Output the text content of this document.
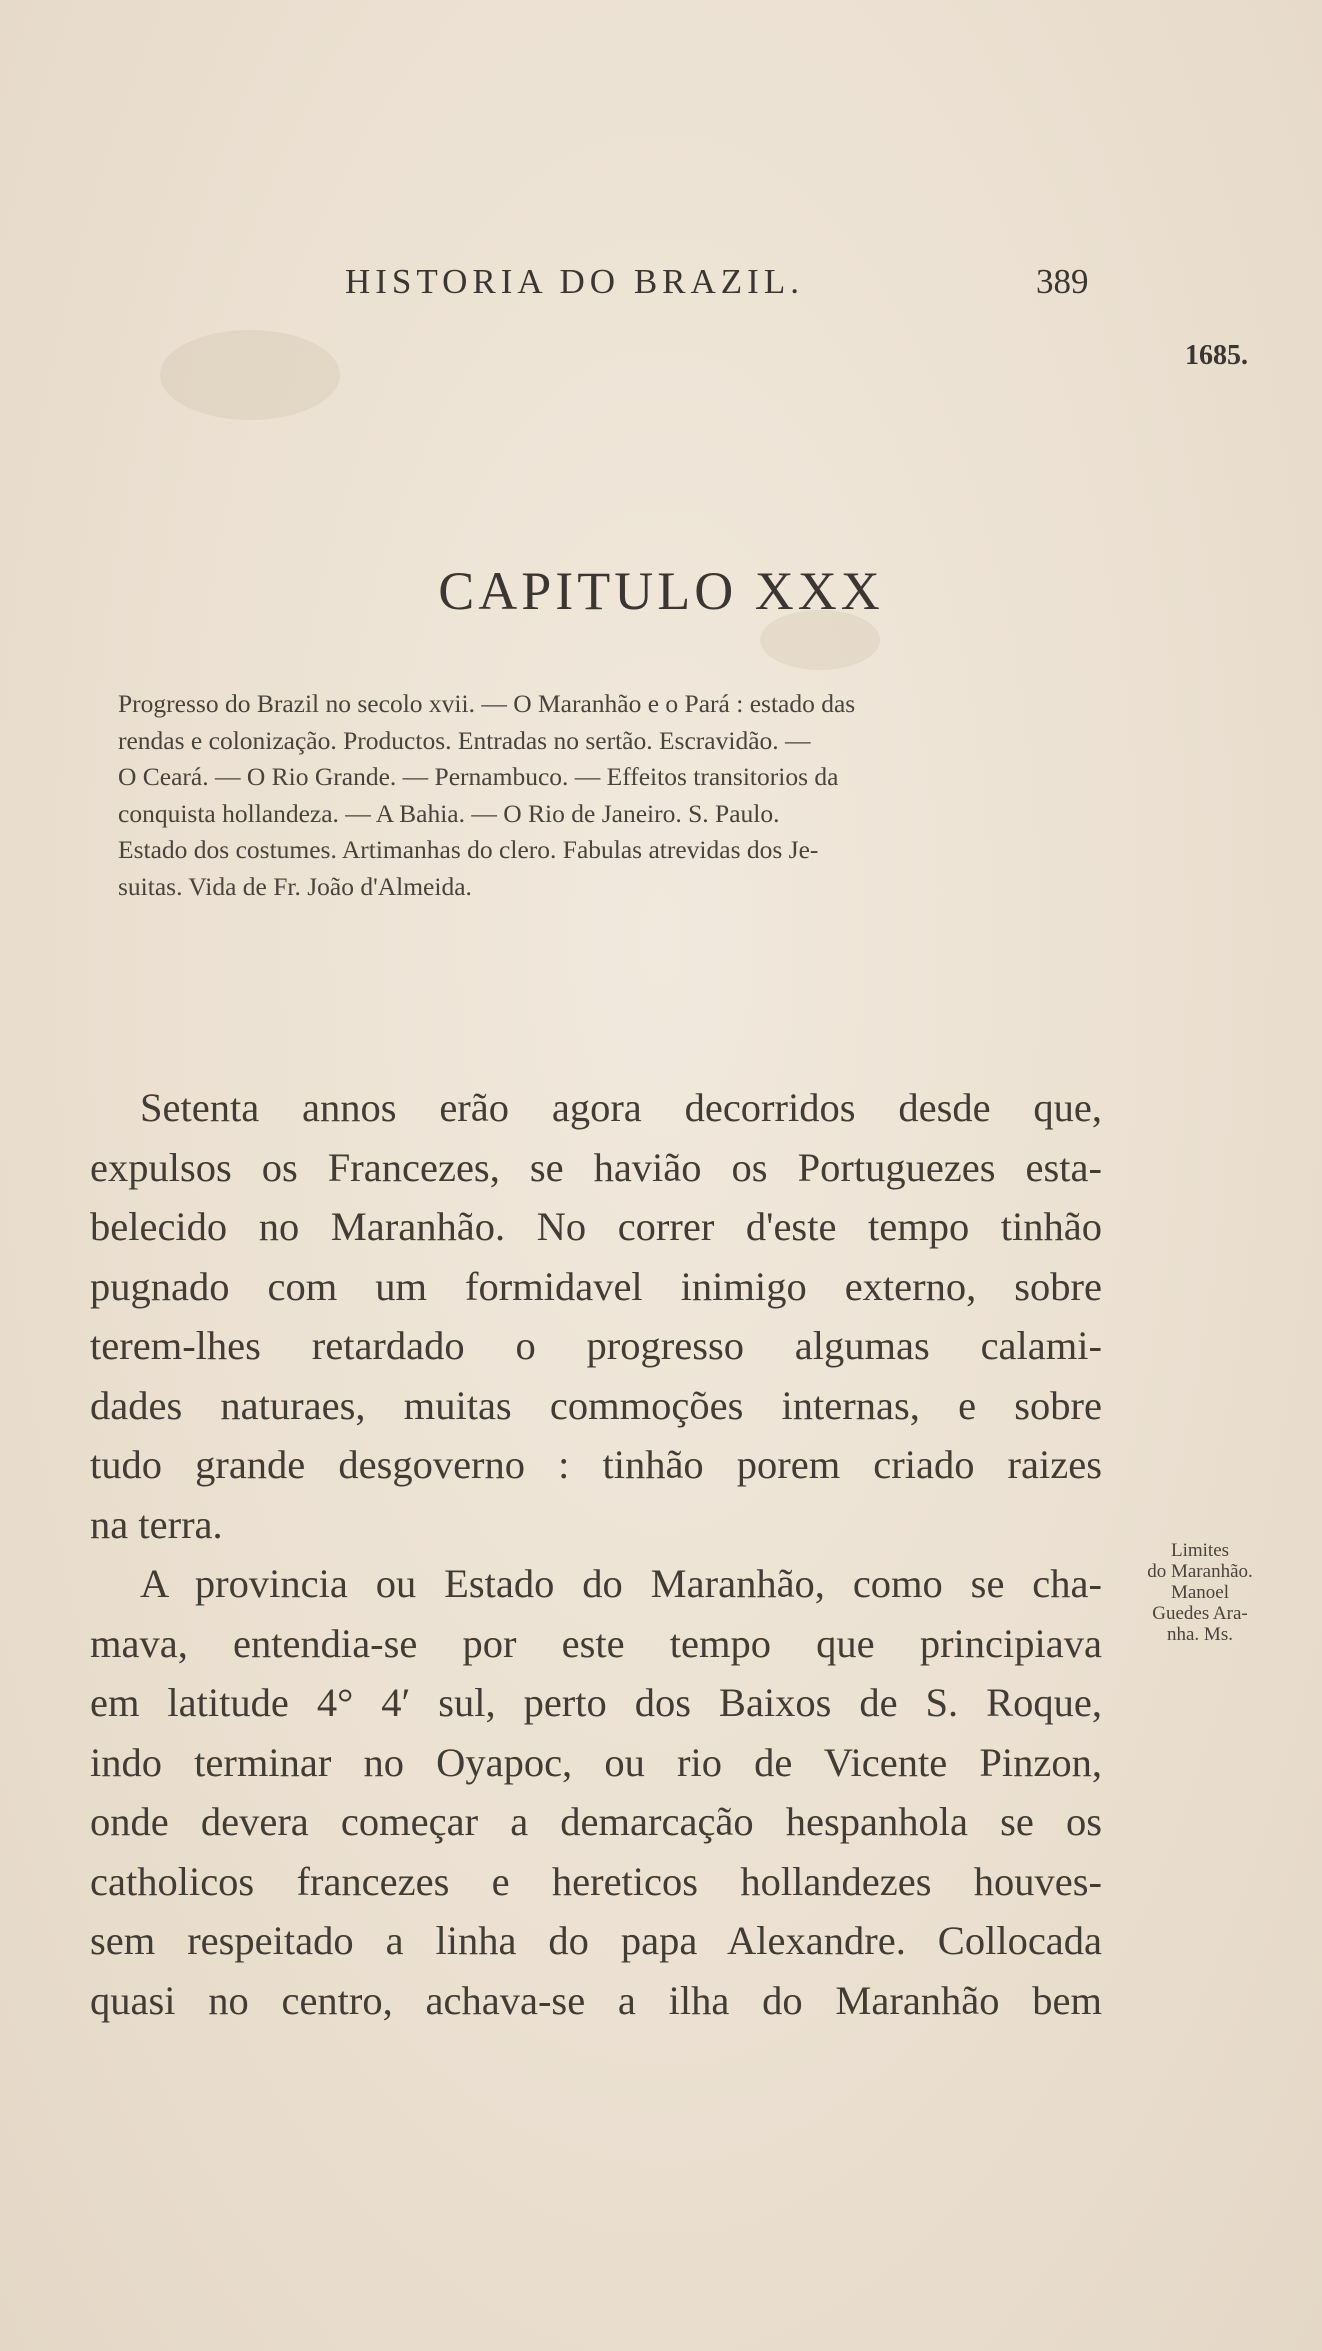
HISTORIA DO BRAZIL.	389
1685.
CAPITULO XXX
Progresso do Brazil no secolo xvii. — O Maranhão e o Pará : estado das
rendas e colonização. Productos. Entradas no sertão. Escravidão. —
O Ceará. — O Rio Grande. — Pernambuco. — Effeitos transitorios da
conquista hollandeza. — A Bahia. — O Rio de Janeiro. S. Paulo.
Estado dos costumes. Artimanhas do clero. Fabulas atrevidas dos Je-
suitas. Vida de Fr. João d'Almeida.
Setenta annos erão agora decorridos desde que,
expulsos os Francezes, se havião os Portuguezes esta-
belecido no Maranhão. No correr d'este tempo tinhão
pugnado com um formidavel inimigo externo, sobre
terem-lhes retardado o progresso algumas calami-
dades naturaes, muitas commoções internas, e sobre
tudo grande desgoverno : tinhão porem criado raizes
na terra.
A provincia ou Estado do Maranhão, como se cha-
mava, entendia-se por este tempo que principiava
em latitude 4° 4′ sul, perto dos Baixos de S. Roque,
indo terminar no Oyapoc, ou rio de Vicente Pinzon,
onde devera começar a demarcação hespanhola se os
catholicos francezes e hereticos hollandezes houves-
sem respeitado a linha do papa Alexandre. Collocada
quasi no centro, achava-se a ilha do Maranhão bem
Limites
do Maranhão.
Manoel
Guedes Ara-
nha. Ms.
